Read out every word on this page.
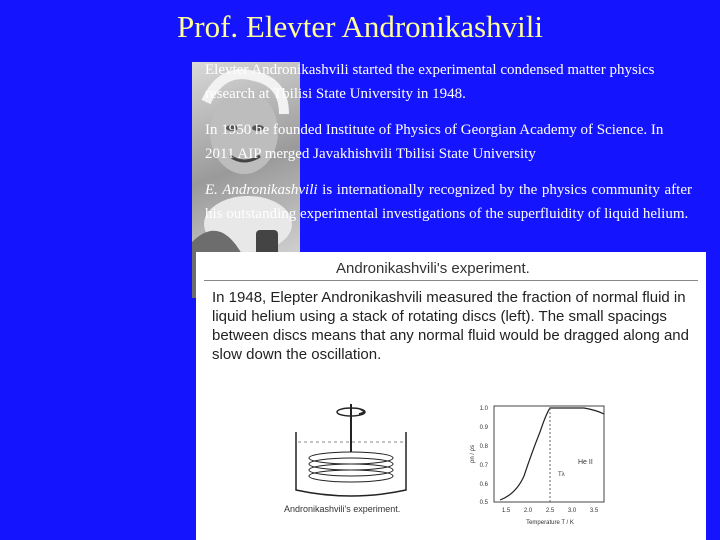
Prof. Elevter Andronikashvili

Elevter Andronikashvili started the experimental condensed matter physics research at Tbilisi State University in 1948.

In 1950 he founded Institute of Physics of Georgian Academy of Science. In 2011 AIP merged Javakhishvili Tbilisi State University

E. Andronikashvili is internationally recognized by the physics community after his outstanding experimental investigations of the superfluidity of liquid helium.

Andronikashvili's experiment.

In 1948, Elepter Andronikashvili measured the fraction of normal fluid in liquid helium using a stack of rotating discs (left). The small spacings between discs means that any normal fluid would be dragged along and slow down the oscillation.

Andronikashvili's experiment.
1.0
0.9
0.8
0.7
0.6
0.5
1.5 2.0 2.5 3.0 3.5
Temperature T / K
ρn / ρs
Tλ
He II
